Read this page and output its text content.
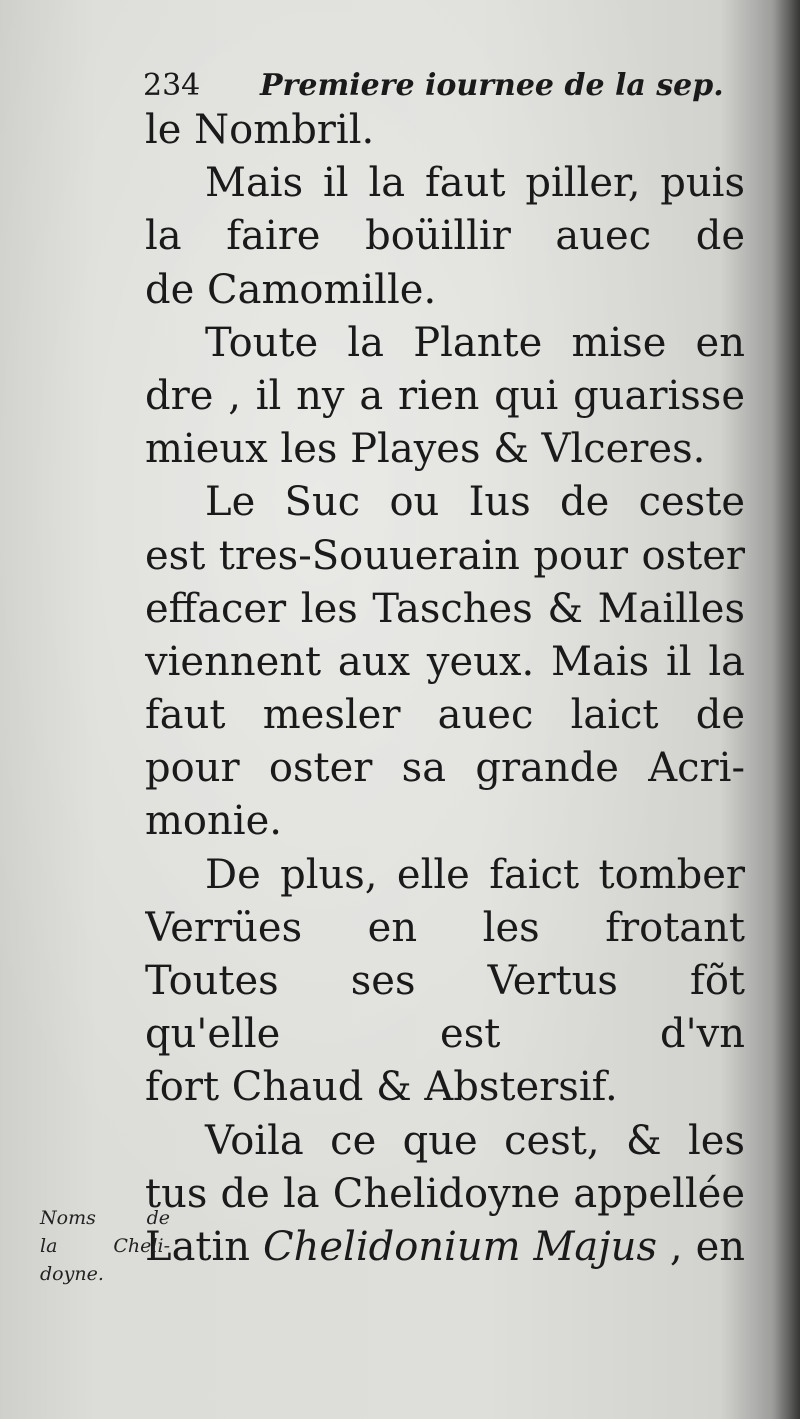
234 Premiere iournee de la sep.
le Nombril.
Mais il la faut piller, puis
la faire boüillir auec de
de Camomille.
Toute la Plante mise en
dre , il ny a rien qui guarisse
mieux les Playes & Vlceres.
Le Suc ou Ius de ceste
est tres-Souuerain pour oster
effacer les Tasches & Mailles
viennent aux yeux. Mais il la
faut mesler auec laict de
pour oster sa grande Acri-
monie.
De plus, elle faict tomber
Verrües en les frotant
Toutes ses Vertus fõt
qu'elle est d'vn
fort Chaud & Abstersif.
Voila ce que cest, & les
tus de la Chelidoyne appellée
Latin Chelidonium Majus , en
Noms de
la Cheli-
doyne.
